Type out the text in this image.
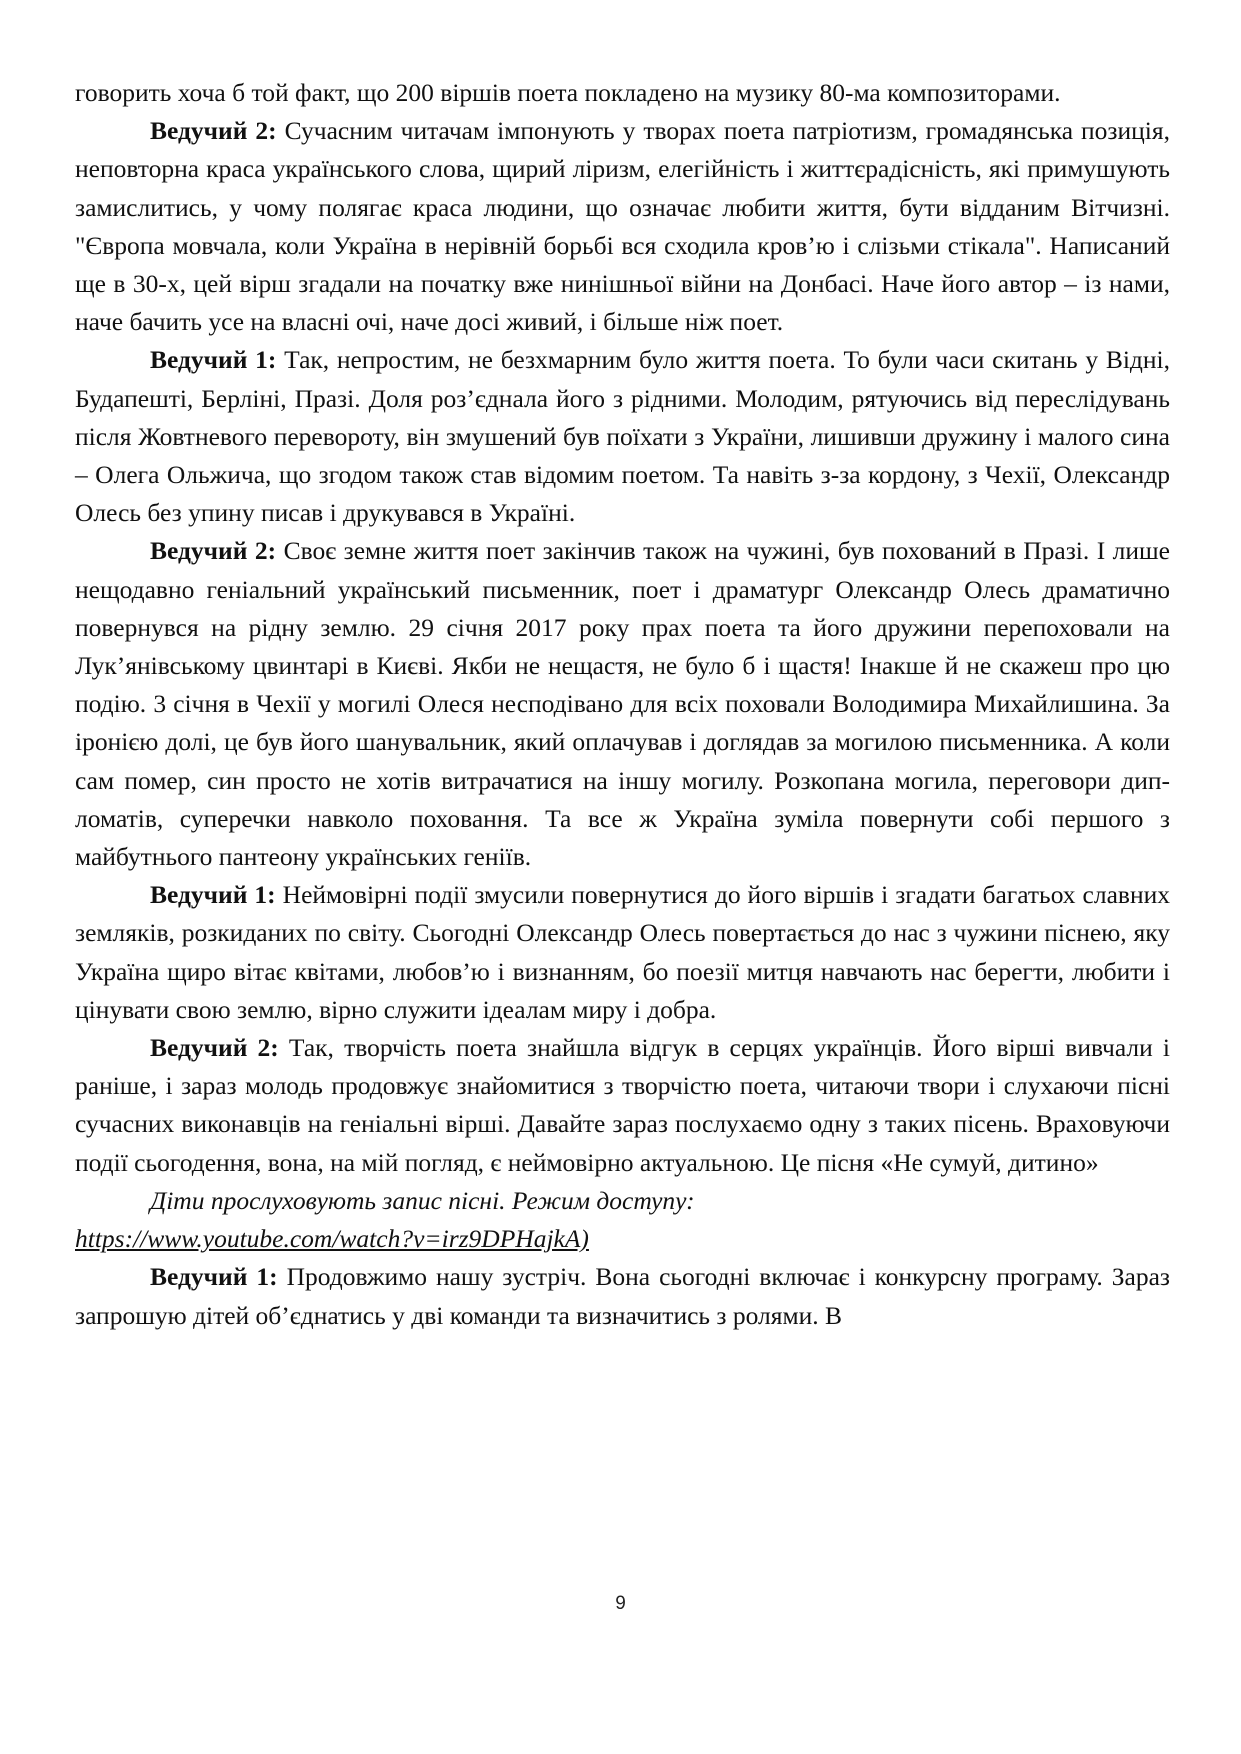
говорить хоча б той факт, що 200 віршів поета покладено на музику 80-ма композиторами.

Ведучий 2: Сучасним читачам імпонують у творах поета патріотизм, громадянська позиція, неповторна краса українського слова, щирий ліризм, елегійність і життєрадісність, які примушують замислитись, у чому полягає краса людини, що означає любити життя, бути відданим Вітчизні. "Європа мовчала, коли Україна в нерівній борьбі вся сходила кров’ю і слізьми стікала". Написаний ще в 30-х, цей вірш згадали на початку вже нинішньої війни на Донбасі. Наче його автор – із нами, наче бачить усе на власні очі, наче досі живий, і більше ніж поет.

Ведучий 1: Так, непростим, не безхмарним було життя поета. То були часи скитань у Відні, Будапешті, Берліні, Празі. Доля роз’єднала його з рідними. Молодим, рятуючись від переслідувань після Жовтневого перевороту, він змушений був поїхати з України, лишивши дружину і малого сина – Олега Ольжича, що згодом також став відомим поетом. Та навіть з-за кордону, з Чехії, Олександр Олесь без упину писав і друкувався в Україні.

Ведучий 2: Своє земне життя поет закінчив також на чужині, був похований в Празі. І лише нещодавно геніальний український письменник, поет і драматург Олександр Олесь драматично повернувся на рідну землю. 29 січня 2017 року прах поета та його дружини перепоховали на Лук’янівському цвинтарі в Києві. Якби не нещастя, не було б і щастя! Інакше й не скажеш про цю подію. 3 січня в Чехії у могилі Олеся несподівано для всіх поховали Володимира Михайлишина. За іронією долі, це був його шанувальник, який оплачував і доглядав за могилою письменника. А коли сам помер, син просто не хотів витрачатися на іншу могилу. Розкопана могила, переговори дипломатів, суперечки навколо поховання. Та все ж Україна зуміла повернути собі першого з майбутнього пантеону українських геніїв.

Ведучий 1: Неймовірні події змусили повернутися до його віршів і згадати багатьох славних земляків, розкиданих по світу. Сьогодні Олександр Олесь повертається до нас з чужини піснею, яку Україна щиро вітає квітами, любов’ю і визнанням, бо поезії митця навчають нас берегти, любити і цінувати свою землю, вірно служити ідеалам миру і добра.

Ведучий 2: Так, творчість поета знайшла відгук в серцях українців. Його вірші вивчали і раніше, і зараз молодь продовжує знайомитися з творчістю поета, читаючи твори і слухаючи пісні сучасних виконавців на геніальні вірші. Давайте зараз послухаємо одну з таких пісень. Враховуючи події сьогодення, вона, на мій погляд, є неймовірно актуальною. Це пісня «Не сумуй, дитино»

Діти прослуховують запис пісні. Режим доступу:

https://www.youtube.com/watch?v=irz9DPHajkA)

Ведучий 1: Продовжимо нашу зустріч. Вона сьогодні включає і конкурсну програму. Зараз запрошую дітей об’єднатись у дві команди та визначитись з ролями. В

9
